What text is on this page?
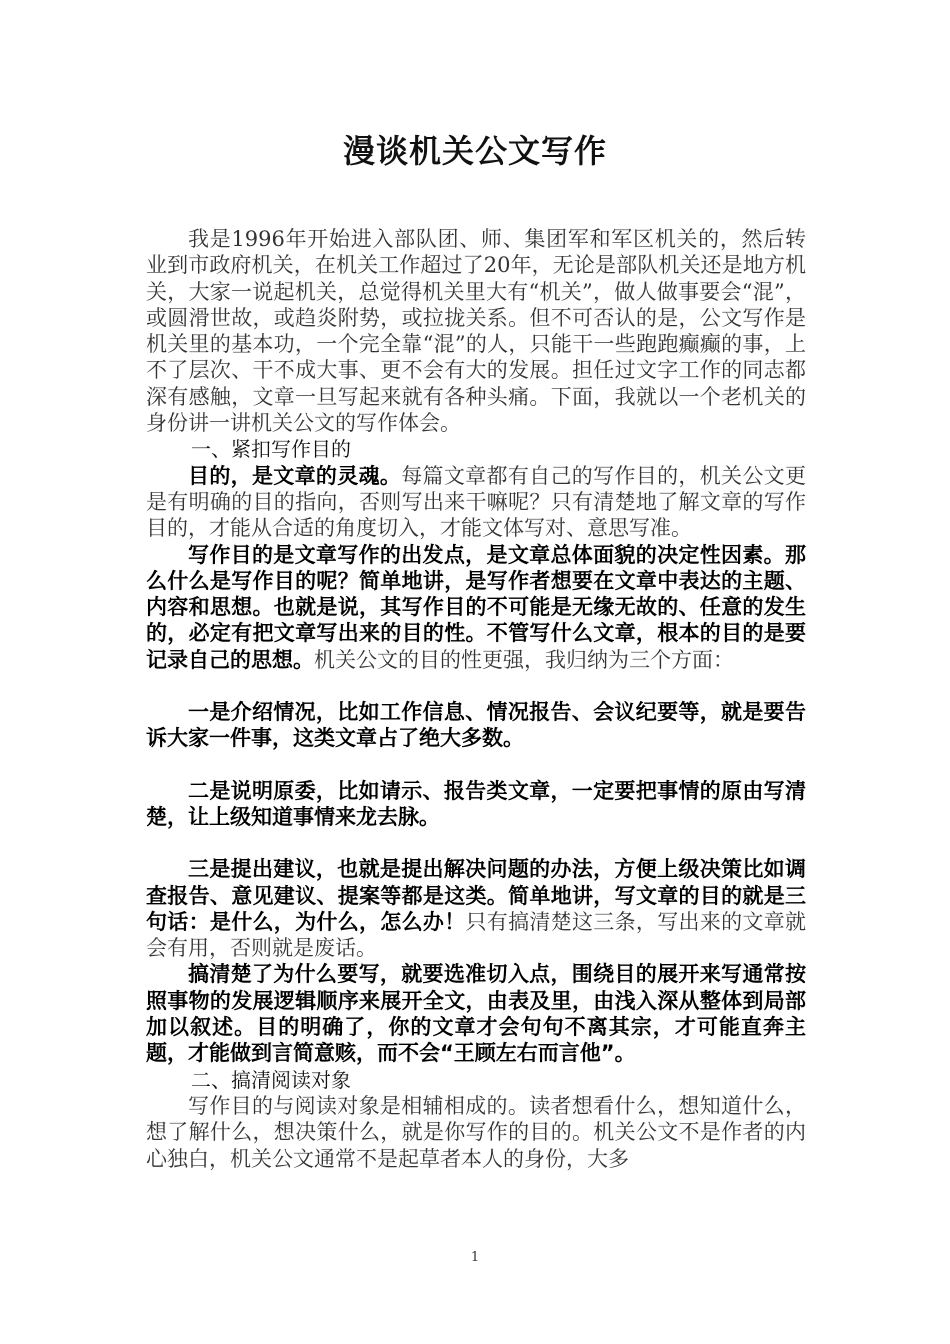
漫谈机关公文写作

我是1996年开始进入部队团、师、集团军和军区机关的，然后转业到市政府机关，在机关工作超过了20年，无论是部队机关还是地方机关，大家一说起机关，总觉得机关里大有“机关”，做人做事要会“混”，或圆滑世故，或趋炎附势，或拉拢关系。但不可否认的是，公文写作是机关里的基本功，一个完全靠“混”的人，只能干一些跑跑癫癫的事，上不了层次、干不成大事、更不会有大的发展。担任过文字工作的同志都深有感触，文章一旦写起来就有各种头痛。下面，我就以一个老机关的身份讲一讲机关公文的写作体会。

一、紧扣写作目的

目的，是文章的灵魂。每篇文章都有自己的写作目的，机关公文更是有明确的目的指向，否则写出来干嘛呢？只有清楚地了解文章的写作目的，才能从合适的角度切入，才能文体写对、意思写准。

写作目的是文章写作的出发点，是文章总体面貌的决定性因素。那么什么是写作目的呢？简单地讲，是写作者想要在文章中表达的主题、内容和思想。也就是说，其写作目的不可能是无缘无故的、任意的发生的，必定有把文章写出来的目的性。不管写什么文章，根本的目的是要记录自己的思想。机关公文的目的性更强，我归纳为三个方面：

一是介绍情况，比如工作信息、情况报告、会议纪要等，就是要告诉大家一件事，这类文章占了绝大多数。

二是说明原委，比如请示、报告类文章，一定要把事情的原由写清楚，让上级知道事情来龙去脉。

三是提出建议，也就是提出解决问题的办法，方便上级决策比如调查报告、意见建议、提案等都是这类。简单地讲，写文章的目的就是三句话：是什么，为什么，怎么办！只有搞清楚这三条，写出来的文章就会有用，否则就是废话。

搞清楚了为什么要写，就要选准切入点，围绕目的展开来写通常按照事物的发展逻辑顺序来展开全文，由表及里，由浅入深从整体到局部加以叙述。目的明确了，你的文章才会句句不离其宗，才可能直奔主题，才能做到言简意赅，而不会“王顾左右而言他”。

二、搞清阅读对象

写作目的与阅读对象是相辅相成的。读者想看什么，想知道什么，想了解什么，想决策什么，就是你写作的目的。机关公文不是作者的内心独白，机关公文通常不是起草者本人的身份，大多

1
